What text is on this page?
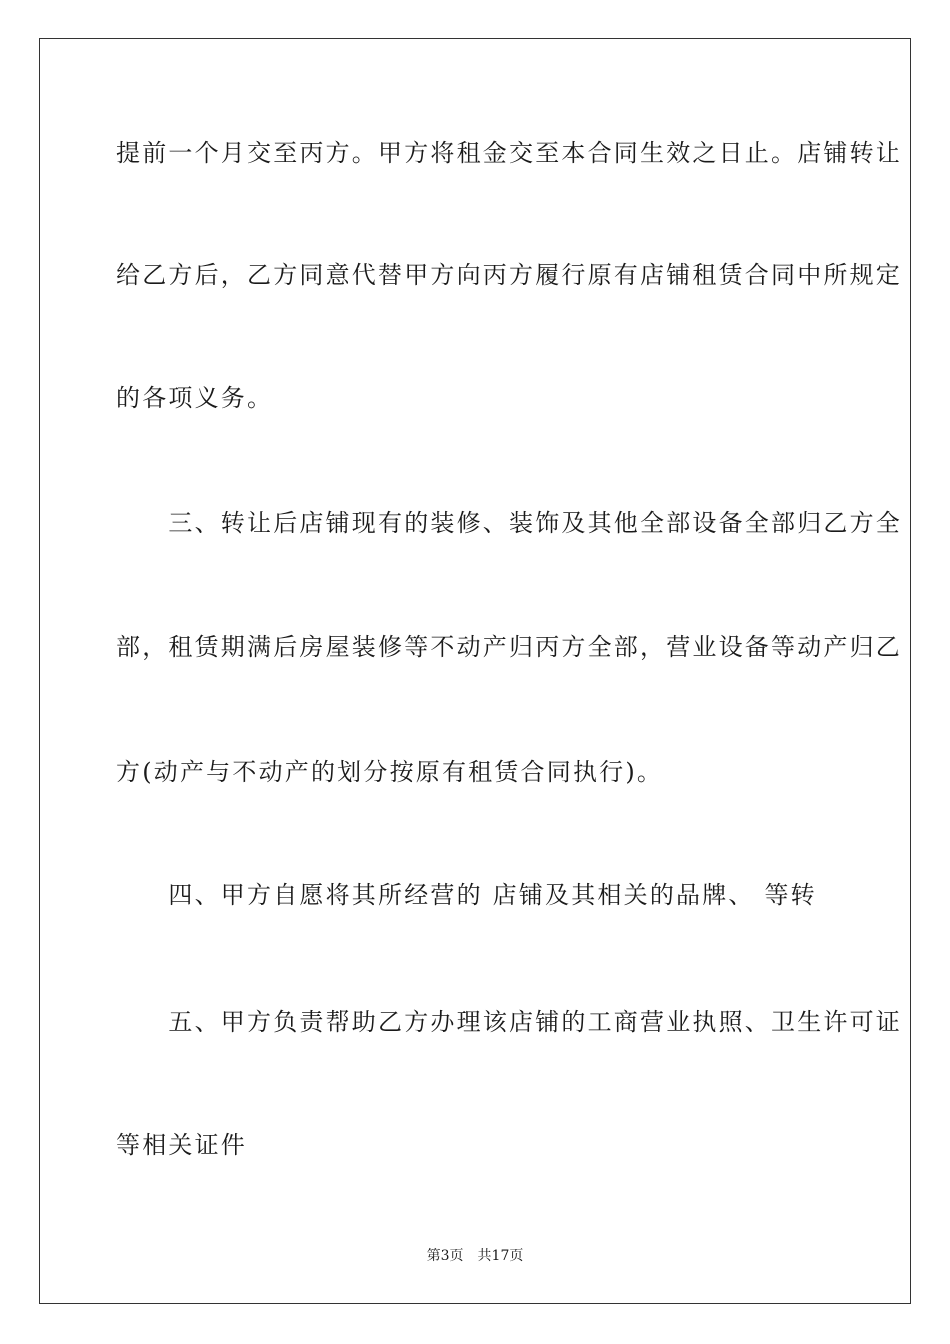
提前一个月交至丙方。甲方将租金交至本合同生效之日止。店铺转让
给乙方后，乙方同意代替甲方向丙方履行原有店铺租赁合同中所规定
的各项义务。
　　三、转让后店铺现有的装修、装饰及其他全部设备全部归乙方全
部，租赁期满后房屋装修等不动产归丙方全部，营业设备等动产归乙
方(动产与不动产的划分按原有租赁合同执行)。
　　四、甲方自愿将其所经营的 店铺及其相关的品牌、 等转
　　五、甲方负责帮助乙方办理该店铺的工商营业执照、卫生许可证
等相关证件
第3页　共17页
